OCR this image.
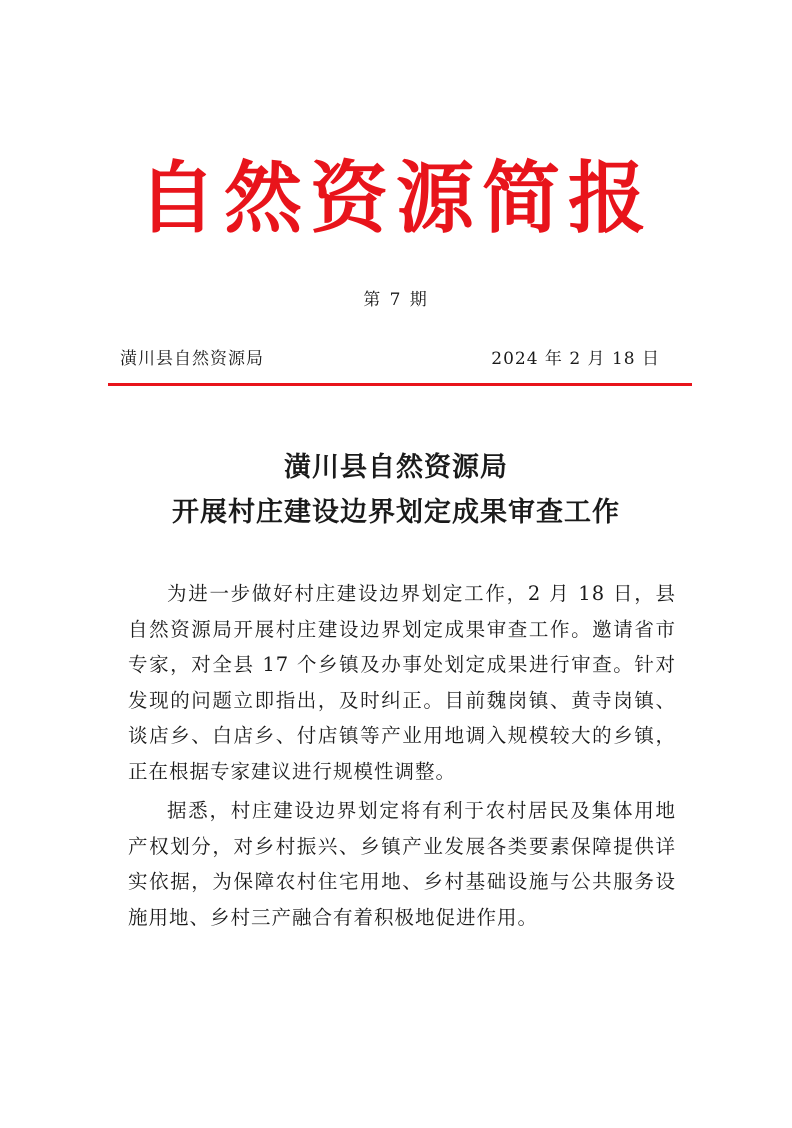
自然资源简报
第 7 期
潢川县自然资源局	2024 年 2 月 18 日
潢川县自然资源局
开展村庄建设边界划定成果审查工作

为进一步做好村庄建设边界划定工作，2 月 18 日，县自然资源局开展村庄建设边界划定成果审查工作。邀请省市专家，对全县 17 个乡镇及办事处划定成果进行审查。针对发现的问题立即指出，及时纠正。目前魏岗镇、黄寺岗镇、谈店乡、白店乡、付店镇等产业用地调入规模较大的乡镇，正在根据专家建议进行规模性调整。

据悉，村庄建设边界划定将有利于农村居民及集体用地产权划分，对乡村振兴、乡镇产业发展各类要素保障提供详实依据，为保障农村住宅用地、乡村基础设施与公共服务设施用地、乡村三产融合有着积极地促进作用。
